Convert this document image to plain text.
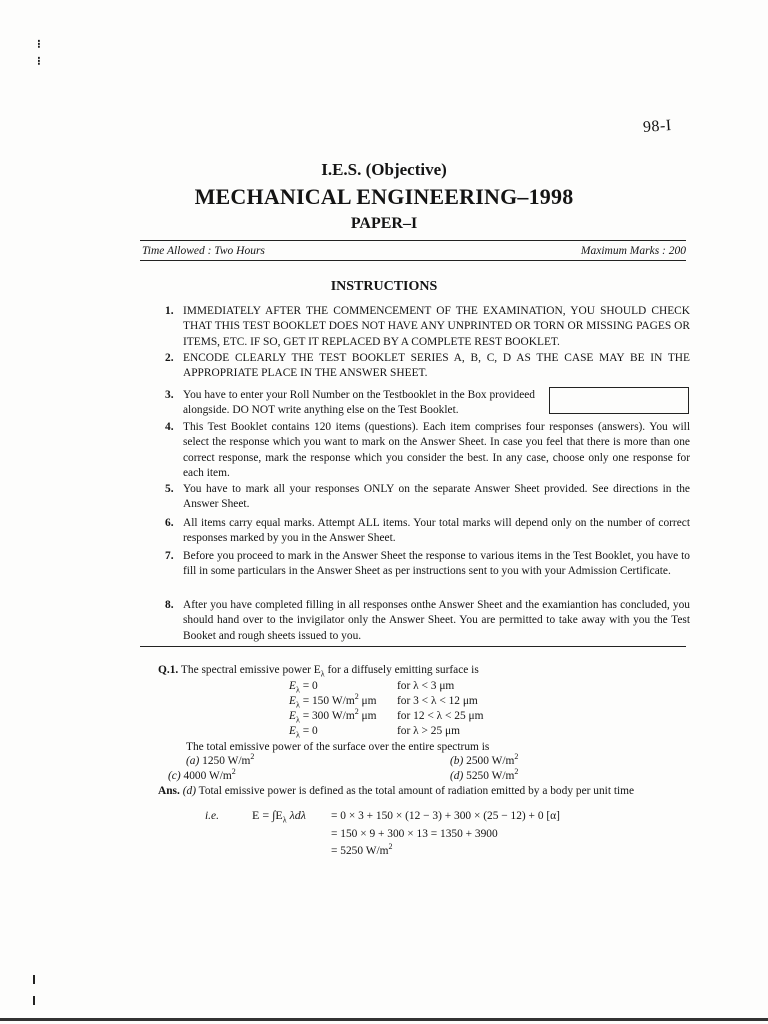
⁝
⁝
98-I
I.E.S. (Objective)
MECHANICAL ENGINEERING–1998
PAPER–I
Time Allowed : Two Hours	Maximum Marks : 200
INSTRUCTIONS
1. IMMEDIATELY AFTER THE COMMENCEMENT OF THE EXAMINATION, YOU SHOULD CHECK THAT THIS TEST BOOKLET DOES NOT HAVE ANY UNPRINTED OR TORN OR MISSING PAGES OR ITEMS, ETC. IF SO, GET IT REPLACED BY A COMPLETE REST BOOKLET.
2. ENCODE CLEARLY THE TEST BOOKLET SERIES A, B, C, D AS THE CASE MAY BE IN THE APPROPRIATE PLACE IN THE ANSWER SHEET.
3. You have to enter your Roll Number on the Testbooklet in the Box provideed alongside. DO NOT write anything else on the Test Booklet.
4. This Test Booklet contains 120 items (questions). Each item comprises four responses (answers). You will select the response which you want to mark on the Answer Sheet. In case you feel that there is more than one correct response, mark the response which you consider the best. In any case, choose only one response for each item.
5. You have to mark all your responses ONLY on the separate Answer Sheet provided. See directions in the Answer Sheet.
6. All items carry equal marks. Attempt ALL items. Your total marks will depend only on the number of correct responses marked by you in the Answer Sheet.
7. Before you proceed to mark in the Answer Sheet the response to various items in the Test Booklet, you have to fill in some particulars in the Answer Sheet as per instructions sent to you with your Admission Certificate.
8. After you have completed filling in all responses onthe Answer Sheet and the examiantion has concluded, you should hand over to the invigilator only the Answer Sheet. You are permitted to take away with you the Test Booket and rough sheets issued to you.
Q.1. The spectral emissive power $E_\lambda$ for a diffusely emitting surface is
$E_\lambda = 0$	for λ < 3 μm
$E_\lambda = 150$ $W/m^2$ μm for 3 < λ < 12 μm
$E_\lambda = 300$ $W/m^2$ μm for 12 < λ < 25 μm
$E_\lambda = 0$	for λ > 25 μm
The total emissive power of the surface over the entire spectrum is
(a) 1250 $W/m^2$	(b) 2500 $W/m^2$
(c) 4000 $W/m^2$	(d) 5250 $W/m^2$
Ans. (d) Total emissive power is defined as the total amount of radiation emitted by a body per unit time
i.e.	$E = \int E_\lambda$ λdλ = 0 × 3 + 150 × (12 − 3) + 300 × (25 − 12) + 0 [α]
= 150 × 9 + 300 × 13 = 1350 + 3900
= 5250 $W/m^2$
